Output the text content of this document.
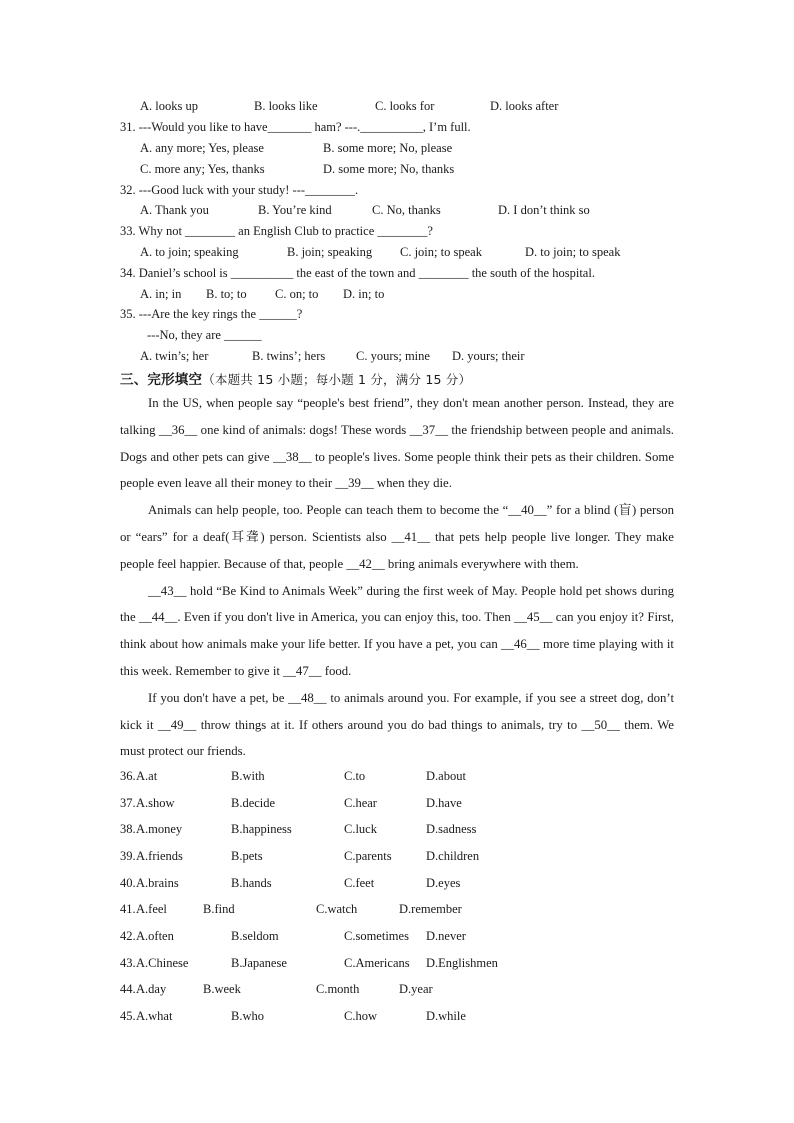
A. looks up	B. looks like	C. looks for	D. looks after
31. ---Would you like to have_______ ham? ---.__________, I’m full.
A. any more; Yes, please	B. some more; No, please
C. more any; Yes, thanks	D. some more; No, thanks
32. ---Good luck with your study! ---________.
A. Thank you	B. You’re kind	C. No, thanks	D. I don’t think so
33. Why not ________ an English Club to practice ________?
A. to join; speaking	B. join; speaking C. join; to speak	D. to join; to speak
34. Daniel’s school is __________ the east of the town and ________ the south of the hospital.
A. in; in B. to; to C. on; to D. in; to
35. ---Are the key rings the ______?
---No, they are ______
A. twin’s; her	B. twins’; hers C. yours; mine D. yours; their
三、完形填空（本题共 15 小题；每小题 1 分，满分 15 分）

In the US, when people say “people's best friend”, they don't mean another person. Instead, they are talking __36__ one kind of animals: dogs! These words __37__ the friendship between people and animals. Dogs and other pets can give __38__ to people's lives. Some people think their pets as their children. Some people even leave all their money to their __39__ when they die.

Animals can help people, too. People can teach them to become the “__40__” for a blind (盲) person or “ears” for a deaf(耳聋) person. Scientists also __41__ that pets help people live longer. They make people feel happier. Because of that, people __42__ bring animals everywhere with them.

__43__ hold “Be Kind to Animals Week” during the first week of May. People hold pet shows during the __44__. Even if you don't live in America, you can enjoy this, too. Then __45__ can you enjoy it? First, think about how animals make your life better. If you have a pet, you can __46__ more time playing with it this week. Remember to give it __47__ food.

If you don't have a pet, be __48__ to animals around you. For example, if you see a street dog, don’t kick it __49__ throw things at it. If others around you do bad things to animals, try to __50__ them. We must protect our friends.

36. A.at	B.with	C.to	D.about
37. A.show	B.decide	C.hear	D.have
38. A.money	B.happiness	C.luck	D.sadness
39. A.friends	B.pets	C.parents	D.children
40. A.brains	B.hands	C.feet	D.eyes
41. A.feel	B.find	C.watch	D.remember
42. A.often	B.seldom	C.sometimes D.never
43. A.Chinese	B.Japanese	C.Americans D.Englishmen
44. A.day	B.week	C.month	D.year
45. A.what	B.who	C.how	D.while
